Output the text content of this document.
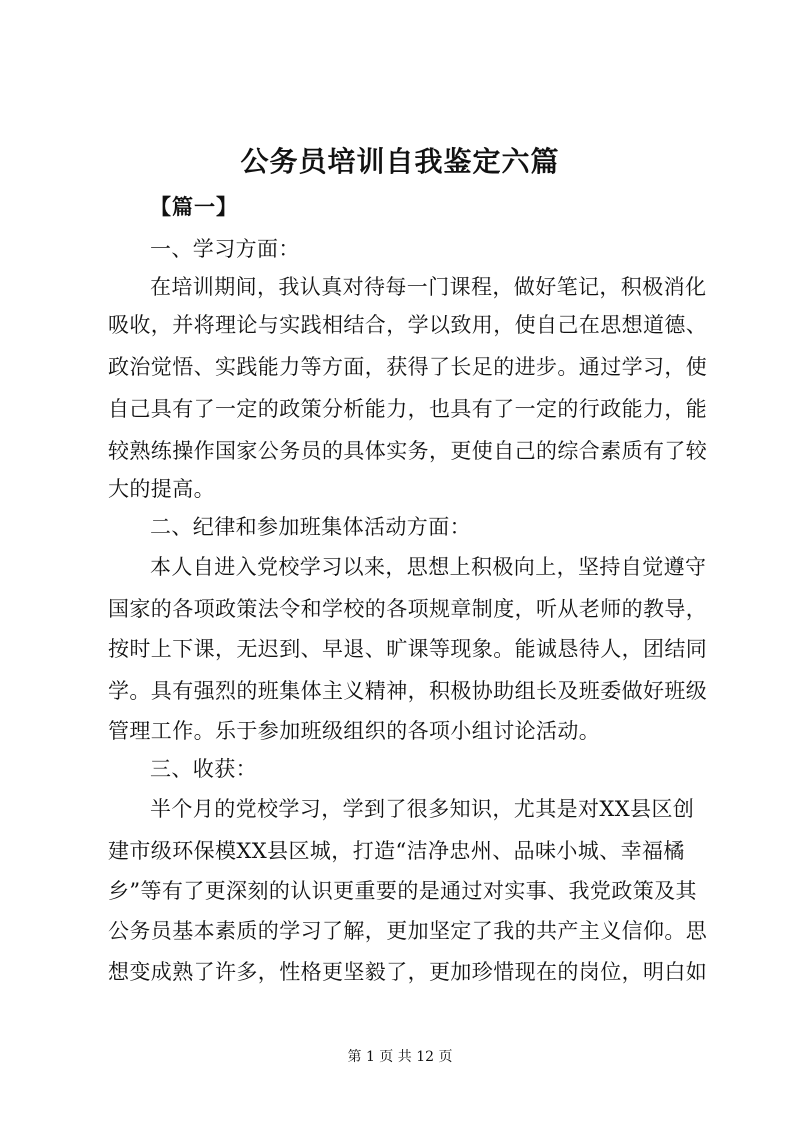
公务员培训自我鉴定六篇
【篇一】
一、学习方面：
在培训期间，我认真对待每一门课程，做好笔记，积极消化
吸收，并将理论与实践相结合，学以致用，使自己在思想道德、
政治觉悟、实践能力等方面，获得了长足的进步。通过学习，使
自己具有了一定的政策分析能力，也具有了一定的行政能力，能
较熟练操作国家公务员的具体实务，更使自己的综合素质有了较
大的提高。
二、纪律和参加班集体活动方面：
本人自进入党校学习以来，思想上积极向上，坚持自觉遵守
国家的各项政策法令和学校的各项规章制度，听从老师的教导，
按时上下课，无迟到、早退、旷课等现象。能诚恳待人，团结同
学。具有强烈的班集体主义精神，积极协助组长及班委做好班级
管理工作。乐于参加班级组织的各项小组讨论活动。
三、收获：
半个月的党校学习，学到了很多知识，尤其是对XX县区创
建市级环保模XX县区城，打造“洁净忠州、品味小城、幸福橘
乡”等有了更深刻的认识更重要的是通过对实事、我党政策及其
公务员基本素质的学习了解，更加坚定了我的共产主义信仰。思
想变成熟了许多，性格更坚毅了，更加珍惜现在的岗位，明白如
第 1 页 共 12 页
